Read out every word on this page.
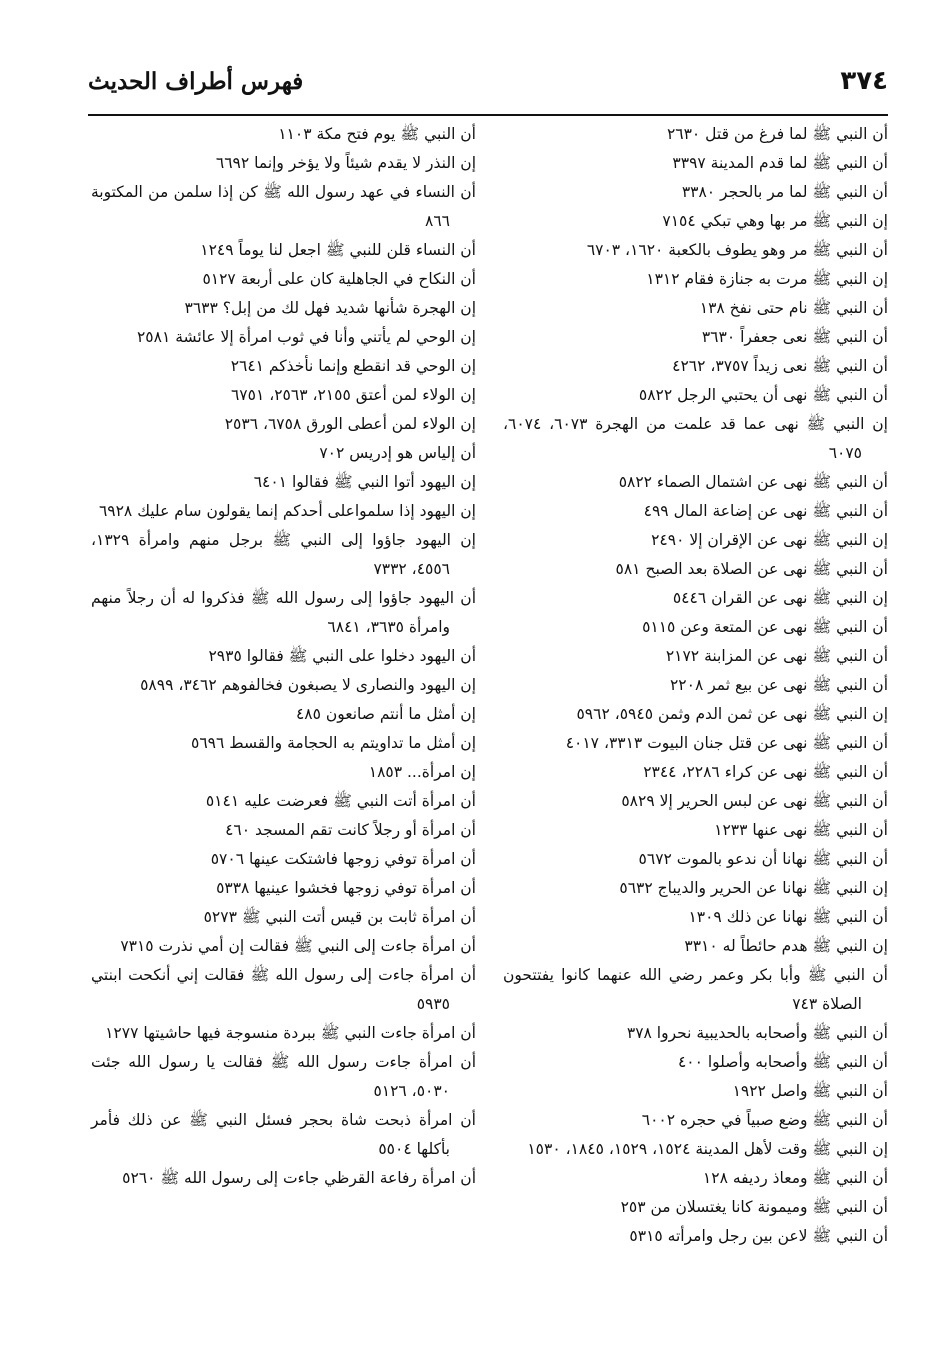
٣٧٤
فهرس أطراف الحديث
أن النبي ﷺ لما فرغ من قتل ٢٦٣٠
أن النبي ﷺ لما قدم المدينة ٣٣٩٧
أن النبي ﷺ لما مر بالحجر ٣٣٨٠
إن النبي ﷺ مر بها وهي تبكي ٧١٥٤
أن النبي ﷺ مر وهو يطوف بالكعبة ١٦٢٠، ٦٧٠٣
إن النبي ﷺ مرت به جنازة فقام ١٣١٢
أن النبي ﷺ نام حتى نفخ ١٣٨
أن النبي ﷺ نعى جعفراً ٣٦٣٠
أن النبي ﷺ نعى زيداً ٣٧٥٧، ٤٢٦٢
أن النبي ﷺ نهى أن يحتبي الرجل ٥٨٢٢
إن النبي ﷺ نهى عما قد علمت من الهجرة ٦٠٧٣، ٦٠٧٤، ٦٠٧٥
أن النبي ﷺ نهى عن اشتمال الصماء ٥٨٢٢
أن النبي ﷺ نهى عن إضاعة المال ٤٩٩
إن النبي ﷺ نهى عن الإقران إلا ٢٤٩٠
أن النبي ﷺ نهى عن الصلاة بعد الصبح ٥٨١
إن النبي ﷺ نهى عن القران ٥٤٤٦
أن النبي ﷺ نهى عن المتعة وعن ٥١١٥
أن النبي ﷺ نهى عن المزابنة ٢١٧٢
أن النبي ﷺ نهى عن بيع ثمر ٢٢٠٨
إن النبي ﷺ نهى عن ثمن الدم وثمن ٥٩٤٥، ٥٩٦٢
أن النبي ﷺ نهى عن قتل جنان البيوت ٣٣١٣، ٤٠١٧
أن النبي ﷺ نهى عن كراء ٢٢٨٦، ٢٣٤٤
أن النبي ﷺ نهى عن لبس الحرير إلا ٥٨٢٩
أن النبي ﷺ نهى عنها ١٢٣٣
أن النبي ﷺ نهانا أن ندعو بالموت ٥٦٧٢
إن النبي ﷺ نهانا عن الحرير والديباج ٥٦٣٢
أن النبي ﷺ نهانا عن ذلك ١٣٠٩
إن النبي ﷺ هدم حائطاً له ٣٣١٠
أن النبي ﷺ وأبا بكر وعمر رضي الله عنهما كانوا يفتتحون الصلاة ٧٤٣
أن النبي ﷺ وأصحابه بالحديبية نحروا ٣٧٨
أن النبي ﷺ وأصحابه وأصلوا ٤٠٠
أن النبي ﷺ واصل ١٩٢٢
أن النبي ﷺ وضع صبياً في حجره ٦٠٠٢
إن النبي ﷺ وقت لأهل المدينة ١٥٢٤، ١٥٢٩، ١٨٤٥، ١٥٣٠
أن النبي ﷺ ومعاذ رديفه ١٢٨
أن النبي ﷺ وميمونة كانا يغتسلان من ٢٥٣
أن النبي ﷺ لاعن بين رجل وامرأته ٥٣١٥
أن النبي ﷺ يوم فتح مكة ١١٠٣
إن النذر لا يقدم شيئاً ولا يؤخر وإنما ٦٦٩٢
أن النساء في عهد رسول الله ﷺ كن إذا سلمن من المكتوبة ٨٦٦
أن النساء قلن للنبي ﷺ اجعل لنا يوماً ١٢٤٩
أن النكاح في الجاهلية كان على أربعة ٥١٢٧
إن الهجرة شأنها شديد فهل لك من إبل؟ ٣٦٣٣
إن الوحي لم يأتني وأنا في ثوب امرأة إلا عائشة ٢٥٨١
إن الوحي قد انقطع وإنما نأخذكم ٢٦٤١
إن الولاء لمن أعتق ٢١٥٥، ٢٥٦٣، ٦٧٥١
إن الولاء لمن أعطى الورق ٦٧٥٨، ٢٥٣٦
أن إلياس هو إدريس ٧٠٢
إن اليهود أتوا النبي ﷺ فقالوا ٦٤٠١
إن اليهود إذا سلمواعلى أحدكم إنما يقولون سام عليك ٦٩٢٨
إن اليهود جاؤوا إلى النبي ﷺ برجل منهم وامرأة ١٣٢٩، ٤٥٥٦، ٧٣٣٢
أن اليهود جاؤوا إلى رسول الله ﷺ فذكروا له أن رجلاً منهم وامرأة ٣٦٣٥، ٦٨٤١
أن اليهود دخلوا على النبي ﷺ فقالوا ٢٩٣٥
إن اليهود والنصارى لا يصبغون فخالفوهم ٣٤٦٢، ٥٨٩٩
إن أمثل ما أنتم صانعون ٤٨٥
إن أمثل ما تداويتم به الحجامة والقسط ٥٦٩٦
إن امرأة... ١٨٥٣
أن امرأة أتت النبي ﷺ فعرضت عليه ٥١٤١
أن امرأة أو رجلاً كانت تقم المسجد ٤٦٠
أن امرأة توفي زوجها فاشتكت عينها ٥٧٠٦
أن امرأة توفي زوجها فخشوا عينيها ٥٣٣٨
أن امرأة ثابت بن قيس أتت النبي ﷺ ٥٢٧٣
أن امرأة جاءت إلى النبي ﷺ فقالت إن أمي نذرت ٧٣١٥
أن امرأة جاءت إلى رسول الله ﷺ فقالت إني أنكحت ابنتي ٥٩٣٥
أن امرأة جاءت النبي ﷺ ببردة منسوجة فيها حاشيتها ١٢٧٧
أن امرأة جاءت رسول الله ﷺ فقالت يا رسول الله جئت ٥٠٣٠، ٥١٢٦
أن امرأة ذبحت شاة بحجر فسئل النبي ﷺ عن ذلك فأمر بأكلها ٥٥٠٤
أن امرأة رفاعة القرظي جاءت إلى رسول الله ﷺ ٥٢٦٠
